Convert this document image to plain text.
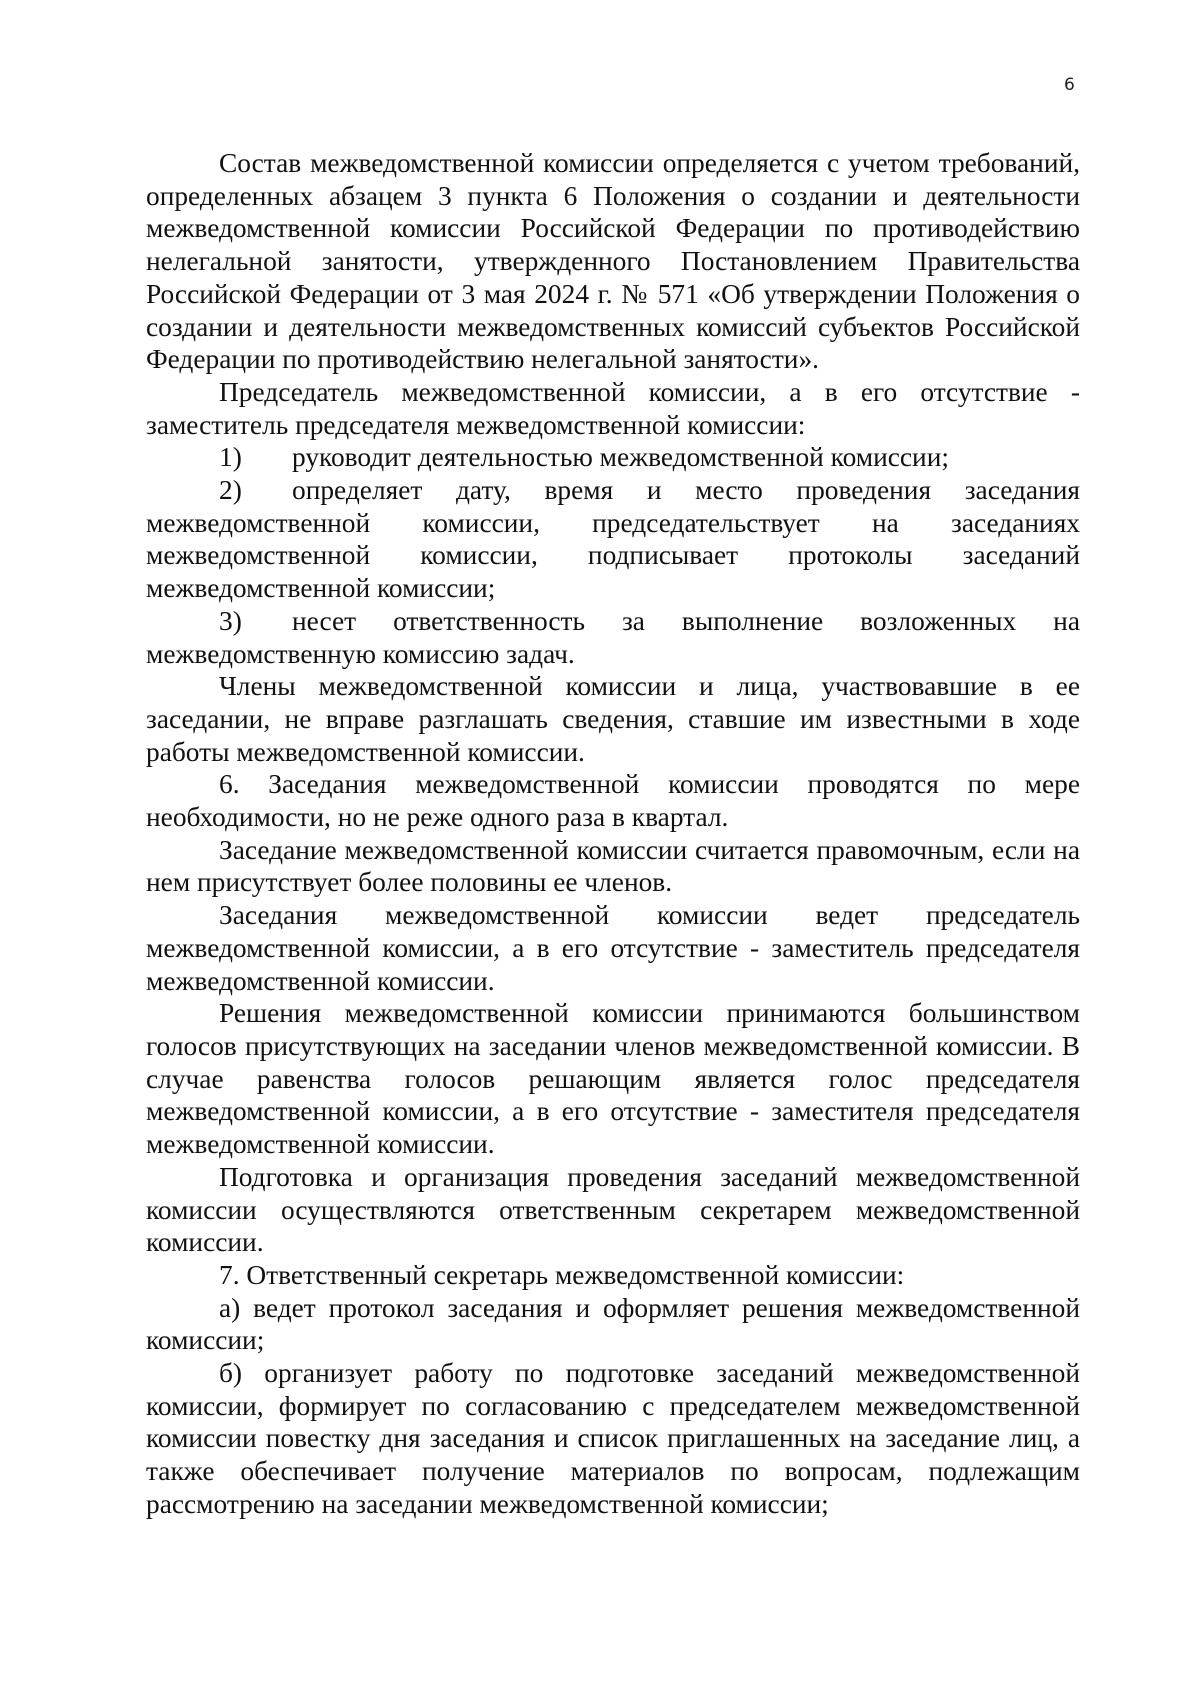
6

Состав межведомственной комиссии определяется с учетом требований, определенных абзацем 3 пункта 6 Положения о создании и деятельности межведомственной комиссии Российской Федерации по противодействию нелегальной занятости, утвержденного Постановлением Правительства Российской Федерации от 3 мая 2024 г. № 571 «Об утверждении Положения о создании и деятельности межведомственных комиссий субъектов Российской Федерации по противодействию нелегальной занятости».

Председатель межведомственной комиссии, а в его отсутствие - заместитель председателя межведомственной комиссии:

1) руководит деятельностью межведомственной комиссии;

2) определяет дату, время и место проведения заседания межведомственной комиссии, председательствует на заседаниях межведомственной комиссии, подписывает протоколы заседаний межведомственной комиссии;

3) несет ответственность за выполнение возложенных на межведомственную комиссию задач.

Члены межведомственной комиссии и лица, участвовавшие в ее заседании, не вправе разглашать сведения, ставшие им известными в ходе работы межведомственной комиссии.

6. Заседания межведомственной комиссии проводятся по мере необходимости, но не реже одного раза в квартал.

Заседание межведомственной комиссии считается правомочным, если на нем присутствует более половины ее членов.

Заседания межведомственной комиссии ведет председатель межведомственной комиссии, а в его отсутствие - заместитель председателя межведомственной комиссии.

Решения межведомственной комиссии принимаются большинством голосов присутствующих на заседании членов межведомственной комиссии. В случае равенства голосов решающим является голос председателя межведомственной комиссии, а в его отсутствие - заместителя председателя межведомственной комиссии.

Подготовка и организация проведения заседаний межведомственной комиссии осуществляются ответственным секретарем межведомственной комиссии.

7. Ответственный секретарь межведомственной комиссии:

а) ведет протокол заседания и оформляет решения межведомственной комиссии;

б) организует работу по подготовке заседаний межведомственной комиссии, формирует по согласованию с председателем межведомственной комиссии повестку дня заседания и список приглашенных на заседание лиц, а также обеспечивает получение материалов по вопросам, подлежащим рассмотрению на заседании межведомственной комиссии;
